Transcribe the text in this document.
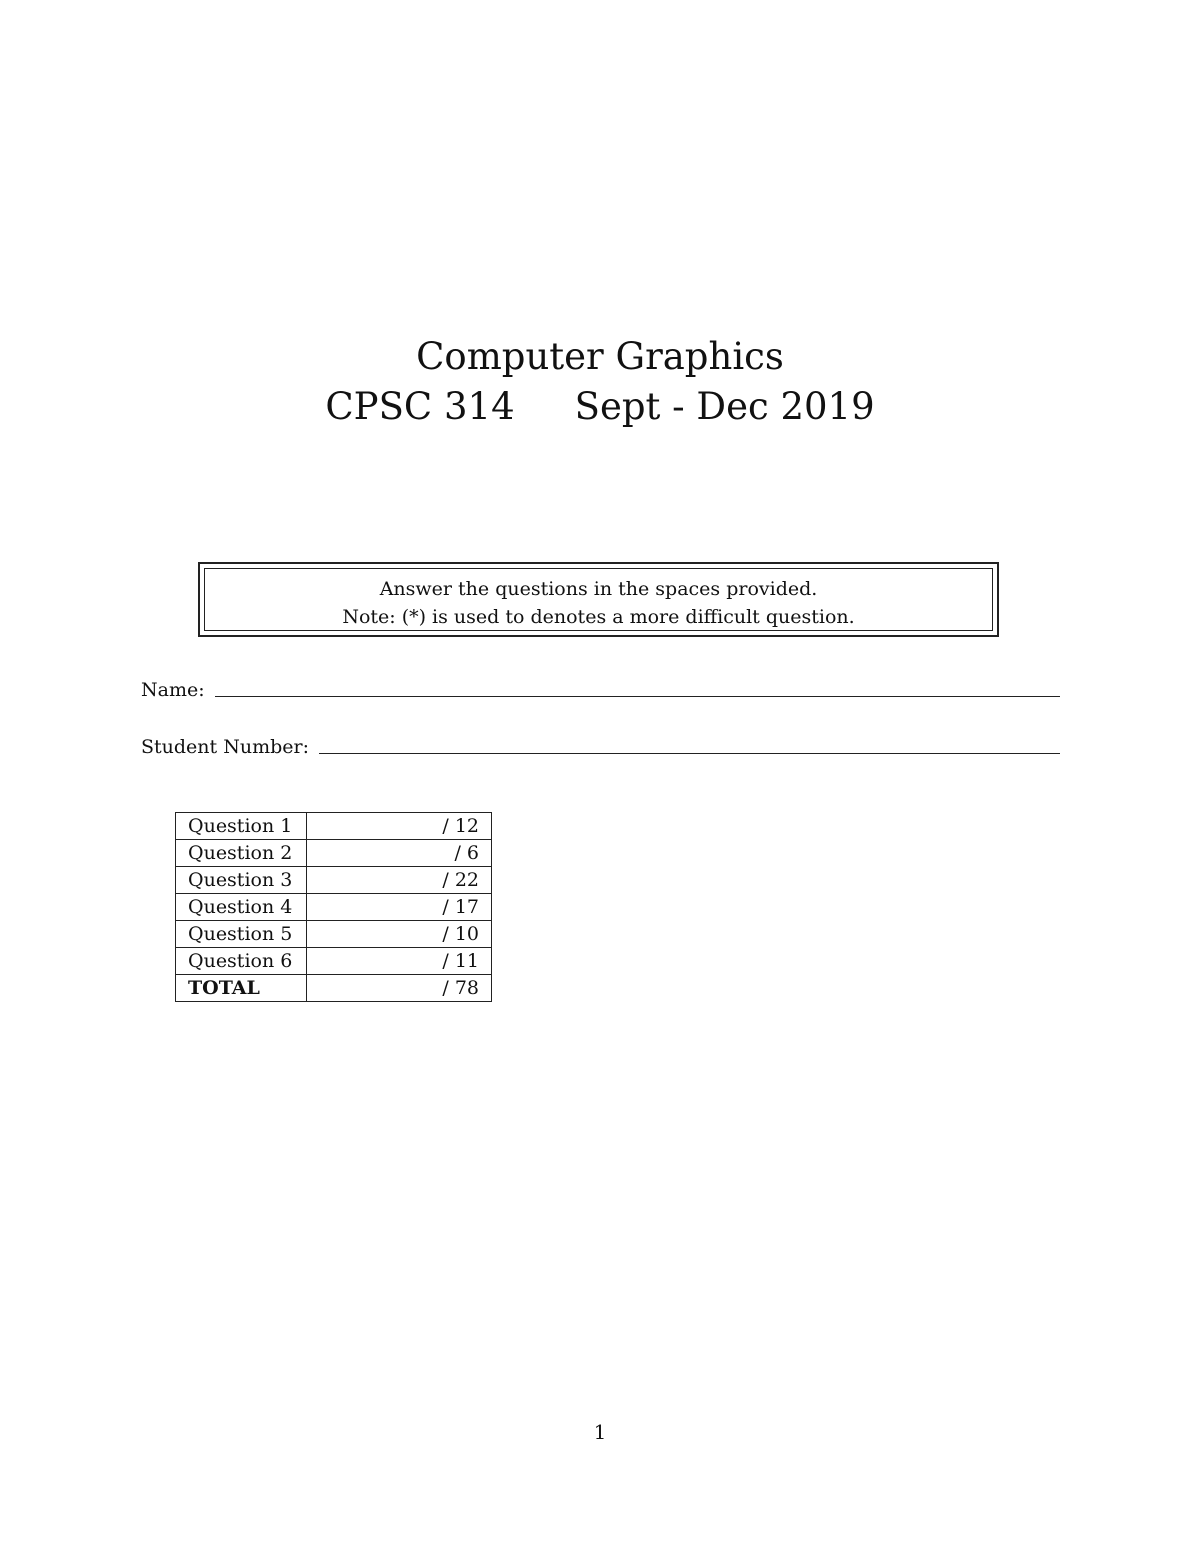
Computer Graphics
CPSC 314 Sept - Dec 2019
Answer the questions in the spaces provided.
Note: (*) is used to denotes a more difficult question.
Name:
Student Number:
Question 1	/ 12
Question 2	/ 6
Question 3	/ 22
Question 4	/ 17
Question 5	/ 10
Question 6	/ 11
TOTAL	/ 78
1
